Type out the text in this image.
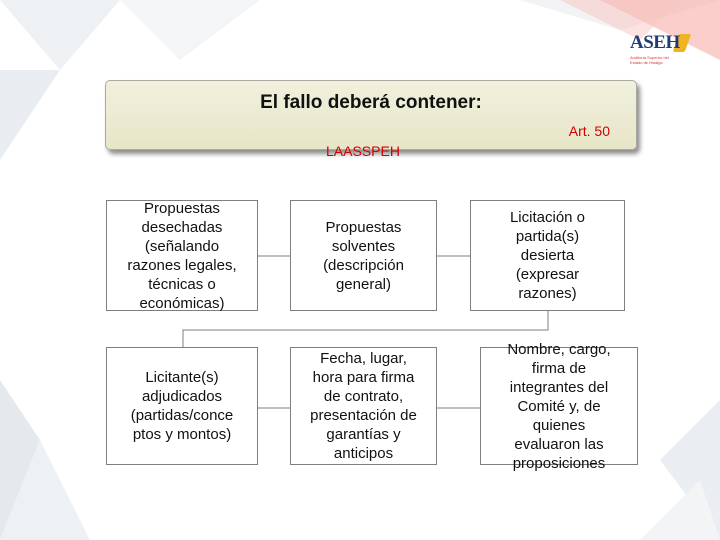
ASEH
Auditoría Superior del Estado de Hidalgo
El fallo deberá contener:
Art. 50
LAASSPEH
Propuestas
desechadas
(señalando
razones legales,
técnicas o
económicas)
Propuestas
solventes
(descripción
general)
Licitación o
partida(s)
desierta
(expresar
razones)
Licitante(s)
adjudicados
(partidas/conce
ptos y montos)
Fecha, lugar,
hora para firma
de contrato,
presentación de
garantías y
anticipos
Nombre, cargo,
firma de
integrantes del
Comité y, de
quienes
evaluaron las
proposiciones
